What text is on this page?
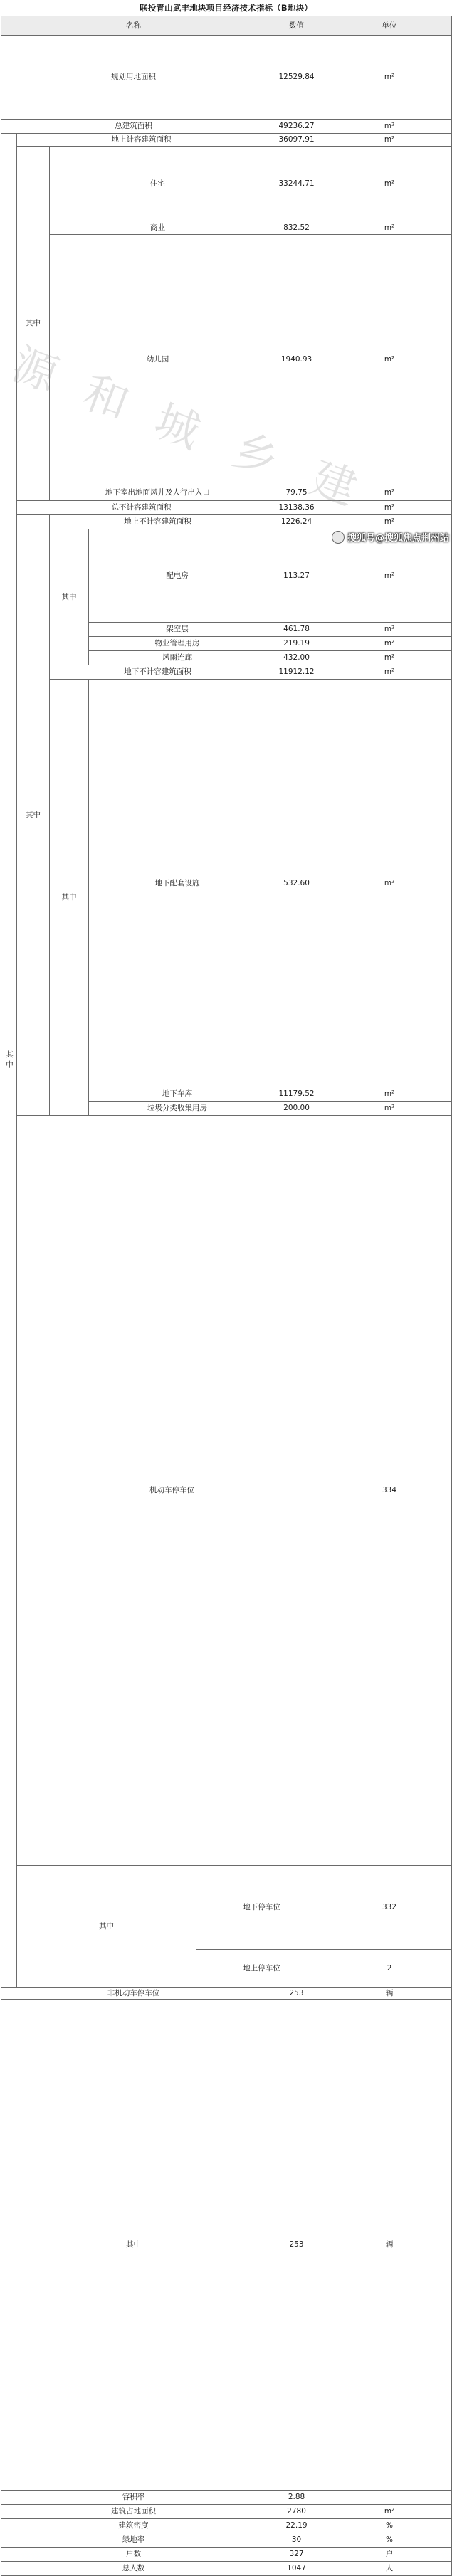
联投青山武丰地块项目经济技术指标（B地块）
名称					数值	单位	
规划用地面积					12529.84	m²	
总建筑面积					49236.27	m²	
其中	地上计容建筑面积				36097.91	m²	
	其中	住宅			33244.71	m²	
		商业			832.52	m²	
		幼儿园			1940.93	m²	
		地下室出地面风井及人行出入口			79.75	m²	
	总不计容建筑面积				13138.36	m²	
	其中	地上不计容建筑面积			1226.24	m²	
		其中	配电房		113.27	m²	
			架空层		461.78	m²	
			物业管理用房		219.19	m²	
			风雨连廊		432.00	m²	
		地下不计容建筑面积			11912.12	m²	
		其中	地下配套设施		532.60	m²	
			地下车库		11179.52	m²	
			垃圾分类收集用房		200.00	m²	
	机动车停车位					334		
	其中			地下停车位		332		
				地上停车位		2		
非机动车停车位					253	辆	
其中					253	辆	
容积率					2.88		
建筑占地面积					2780	m²	
建筑密度					22.19	%	
绿地率					30	%	
户数					327	户	
总人数					1047	人	
源 和 城 乡 建
搜狐号@搜狐焦点荆州站
